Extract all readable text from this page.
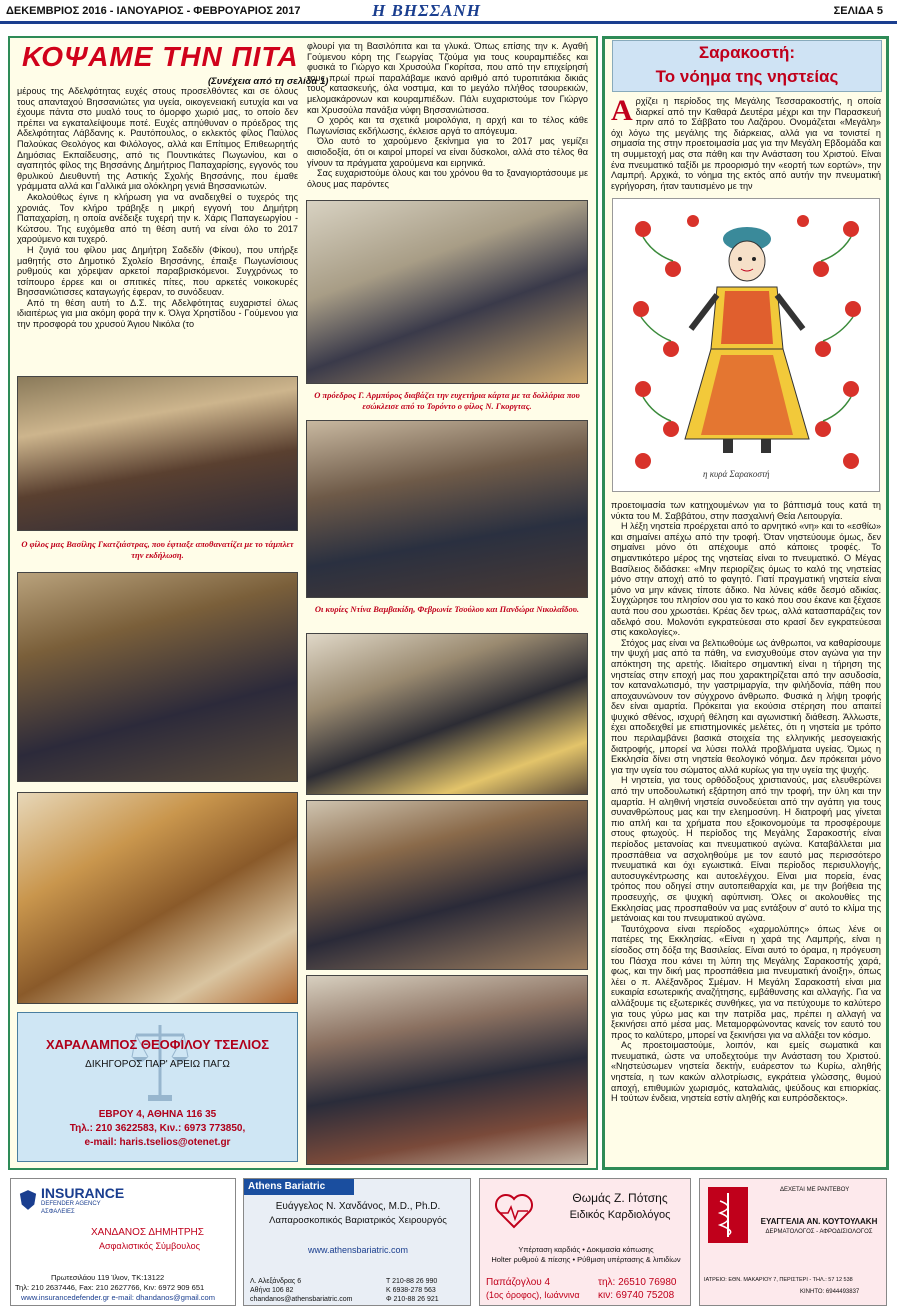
ΔΕΚΕΜΒΡΙΟΣ 2016 - ΙΑΝΟΥΑΡΙΟΣ - ΦΕΒΡΟΥΑΡΙΟΣ 2017	Η ΒΗΣΣΑΝΗ	ΣΕΛΙΔΑ 5
ΚΟΨΑΜΕ ΤΗΝ ΠΙΤΑ
(Συνέχεια από τη σελίδα 1)

μέρους της Αδελφότητας ευχές στους προσελθόντες και σε όλους τους απανταχού Βησσανιώτες για υγεία, οικογενειακή ευτυχία και να έχουμε πάντα στο μυαλό τους το όμορφο χωριό μας, το οποίο δεν πρέπει να εγκαταλείψουμε ποτέ. Ευχές απηύθυναν ο πρόεδρος της Αδελφότητας Λάβδανης κ. Ραυτόπουλος, ο εκλεκτός φίλος Παύλος Παλούκας Θεολόγος και Φιλόλογος, αλλά και Επίτιμος Επιθεωρητής Δημόσιας Εκπαίδευσης, από τις Πουντικάτες Πωγωνίου, και ο αγαπητός φίλος της Βησσάνης Δημήτριος Παπαχαρίσης, εγγονός του θρυλικού Διευθυντή της Αστικής Σχολής Βησσάνης, που έμαθε γράμματα αλλά και Γαλλικά μια ολόκληρη γενιά Βησσανιωτών.

Ακολούθως έγινε η κλήρωση για να αναδειχθεί ο τυχερός της χρονιάς. Τον κλήρο τράβηξε η μικρή εγγονή του Δημήτρη Παπαχαρίση, η οποία ανέδειξε τυχερή την κ. Χάρις Παπαγεωργίου - Κώτσου. Της ευχόμεθα από τη θέση αυτή να είναι όλο το 2017 χαρούμενο και τυχερό.

Η ζυγιά του φίλου μας Δημήτρη Σαδεδίν (Φίκου), που υπήρξε μαθητής στο Δημοτικό Σχολείο Βησσάνης, έπαιξε Πωγωνίσιους ρυθμούς και χόρεψαν αρκετοί παραβρισκόμενοι. Συγχρόνως το τσίπουρο έρρεε και οι σπιτικές πίτες, που αρκετές νοικοκυρές Βησσανιώτισσες καταγωγής έφεραν, το συνόδευαν.

Από τη θέση αυτή το Δ.Σ. της Αδελφότητας ευχαριστεί όλως ιδιαιτέρως για μια ακόμη φορά την κ. Όλγα Χρηστίδου - Γούμενου για την προσφορά του χρυσού Άγιου Νικόλα (το

φλουρί για τη Βασιλόπιτα και τα γλυκά. Όπως επίσης την κ. Αγαθή Γούμενου κόρη της Γεωργίας Τζούμα για τους κουραμπιέδες και φυσικά το Γιώργο και Χρυσούλα Γκορίτσα, που από την επιχείρησή τους πρωί πρωί παραλάβαμε ικανό αριθμό από τυροπιτάκια δικιάς τους κατασκευής, όλα νοστιμα, και το μεγάλο πλήθος τσουρεκιών, μελομακάρονων και κουραμπιέδων. Πάλι ευχαριστούμε τον Γιώργο και Χρυσούλα πανάξια νύφη Βησσανιώτισσα.

Ο χορός και τα σχετικά μοιρολόγια, η αρχή και το τέλος κάθε Πωγωνίσιας εκδήλωσης, έκλεισε αργά το απόγευμα.

Όλο αυτό το χαρούμενο ξεκίνημα για το 2017 μας γεμίζει αισιοδοξία, ότι οι καιροί μπορεί να είναι δύσκολοι, αλλά στο τέλος θα γίνουν τα πράγματα χαρούμενα και ειρηνικά.

Σας ευχαριστούμε όλους και του χρόνου θα το ξαναγιορτάσουμε με όλους μας παρόντες

Ο φίλος μας Βασίλης Γκατζιάστρας, που έφτιαξε αποθανατίζει με το τάμπλετ την εκδήλωση.
ΧΑΡΑΛΑΜΠΟΣ ΘΕΟΦΙΛΟΥ ΤΣΕΛΙΟΣ
ΔΙΚΗΓΟΡΟΣ ΠΑΡ' ΑΡΕΙΩ ΠΑΓΩ
ΕΒΡΟΥ 4, ΑΘΗΝΑ 116 35
Τηλ.: 210 3622583, Κιν.: 6973 773850,
e-mail: haris.tselios@otenet.gr
Ο πρόεδρος Γ. Αρμπύρος διαβάζει την ευχετήρια κάρτα με τα δολλάρια που εσώκλεισε από το Τορόντο ο φίλος Ν. Γκοργτας.
Οι κυρίες Ντίνα Βαμβακίδη, Φεβρωνίε Τσούλου και Πανδώρα Νικολαΐδου.
Σαρακοστή:
Το νόημα της νηστείας
Αρχίζει η περίοδος της Μεγάλης Τεσσαρακοστής, η οποία διαρκεί από την Καθαρά Δευτέρα μέχρι και την Παρασκευή πριν από το Σάββατο του Λαζάρου. Ονομάζεται «Μεγάλη» όχι λόγω της μεγάλης της διάρκειας, αλλά για να τονιστεί η σημασία της στην προετοιμασία μας για την Μεγάλη Εβδομάδα και τη συμμετοχή μας στα πάθη και την Ανάσταση του Χριστού. Είναι ένα πνευματικό ταξίδι με προορισμό την «εορτή των εορτών», την Λαμπρή. Αρχικά, το νόημα της εκτός από αυτήν την πνευματική εγρήγορση, ήταν ταυτισμένο με την
η κυρά Σαρακοστή

προετοιμασία των κατηχουμένων για το βάπτισμά τους κατά τη νύκτα του Μ. Σαββάτου, στην πασχαλινή Θεία Λειτουργία.

Η λέξη νηστεία προέρχεται από το αρνητικό «νη» και το «εσθίω» και σημαίνει απέχω από την τροφή. Όταν νηστεύουμε όμως, δεν σημαίνει μόνο ότι απέχουμε από κάποιες τροφές. Το σημαντικότερο μέρος της νηστείας είναι το πνευματικό. Ο Μέγας Βασίλειος διδάσκει: «Μην περιορίζεις όμως το καλό της νηστείας μόνο στην αποχή από το φαγητό. Γιατί πραγματική νηστεία είναι μόνο να μην κάνεις τίποτε άδικο. Να λύνεις κάθε δεσμό αδικίας. Συγχώρησε του πλησίον σου για το κακό που σου έκανε και ξέχασε αυτά που σου χρωστάει. Κρέας δεν τρως, αλλά κατασπαράζεις τον αδελφό σου. Μολονότι εγκρατεύεσαι στο κρασί δεν εγκρατεύεσαι στις κακολογίες».

Στόχος μας είναι να βελτιωθούμε ως άνθρωποι, να καθαρίσουμε την ψυχή μας από τα πάθη, να ενισχυθούμε στον αγώνα για την απόκτηση της αρετής. Ιδιαίτερο σημαντική είναι η τήρηση της νηστείας στην εποχή μας που χαρακτηρίζεται από την ασυδοσία, τον καταναλωτισμό, την γαστριμαργία, την φιλήδονία, πάθη που αποχαυνώνουν τον σύγχρονο άνθρωπο. Φυσικά η λήψη τροφής δεν είναι αμαρτία. Πρόκειται για εκούσια στέρηση που απαιτεί ψυχικό σθένος, ισχυρή θέληση και αγωνιστική διάθεση. Άλλωστε, έχει αποδειχθεί με επιστημονικές μελέτες, ότι η νηστεία με τρόπο που περιλαμβάνει βασικά στοιχεία της ελληνικής μεσογειακής διατροφής, μπορεί να λύσει πολλά προβλήματα υγείας. Όμως η Εκκλησία δίνει στη νηστεία θεολογικό νόημα. Δεν πρόκειται μόνο για την υγεία του σώματος αλλά κυρίως για την υγεία της ψυχής.

Η νηστεία, για τους ορθόδοξους χριστιανούς, μας ελευθερώνει από την υποδουλωτική εξάρτηση από την τροφή, την ύλη και την αμαρτία. Η αληθινή νηστεία συνοδεύεται από την αγάπη για τους συνανθρώπους μας και την ελεημοσύνη. Η διατροφή μας γίνεται πιο απλή και τα χρήματα που εξοικονομούμε τα προσφέρουμε στους φτωχούς. Η περίοδος της Μεγάλης Σαρακοστής είναι περίοδος μετανοίας και πνευματικού αγώνα. Καταβάλλεται μια προσπάθεια να ασχοληθούμε με τον εαυτό μας περισσότερο πνευματικά και όχι εγωιστικά. Είναι περίοδος περισυλλογής, αυτοσυγκέντρωσης και αυτοελέγχου. Είναι μια πορεία, ένας τρόπος που οδηγεί στην αυτοπειθαρχία και, με την βοήθεια της προσευχής, σε ψυχική αφύπνιση. Όλες οι ακολουθίες της Εκκλησίας μας προσπαθούν να μας εντάξουν σ' αυτό το κλίμα της μετάνοιας και του πνευματικού αγώνα.

Ταυτόχρονα είναι περίοδος «χαρμολύπης» όπως λένε οι πατέρες της Εκκλησίας. «Είναι η χαρά της Λαμπρής, είναι η είσοδος στη δόξα της Βασιλείας. Είναι αυτό το όραμα, η πρόγευση του Πάσχα που κάνει τη λύπη της Μεγάλης Σαρακοστής χαρά, φως, και την δική μας προσπάθεια μια πνευματική άνοιξη», όπως λέει ο π. Αλέξανδρος Σμέμαν. Η Μεγάλη Σαρακοστή είναι μια ευκαιρία εσωτερικής αναζήτησης, εμβάθυνσης και αλλαγής. Για να αλλάξουμε τις εξωτερικές συνθήκες, για να πετύχουμε το καλύτερο για τους γύρω μας και την πατρίδα μας, πρέπει η αλλαγή να ξεκινήσει από μέσα μας. Μεταμορφώνοντας κανείς τον εαυτό του προς το καλύτερο, μπορεί να ξεκινήσει για να αλλάξει τον κόσμο.

Ας προετοιμαστούμε, λοιπόν, και εμείς σωματικά και πνευματικά, ώστε να υποδεχτούμε την Ανάσταση του Χριστού. «Νηστεύσωμεν νηστεία δεκτήν, ευάρεστον τω Κυρίω, αληθής νηστεία, η των κακών αλλοτρίωσις, εγκράτεια γλώσσης, θυμού αποχή, επιθυμιών χωρισμός, καταλαλιάς, ψεύδους και επιορκίας. Η τούτων ένδεια, νηστεία εστίν αληθής και ευπρόσδεκτος».

INSURANCE
DEFENDER AGENCY
ΑΣΦΑΛΕΙΕΣ
ΧΑΝΔΑΝΟΣ ΔΗΜΗΤΡΗΣ
Ασφαλιστικός Σύμβουλος
Πρωτεσιλάου 119 Ίλιον, ΤΚ:13122
Τηλ: 210 2637446, Fax: 210 2627766, Κιν: 6972 909 651
www.insurancedefender.gr e-mail: dhandanos@gmail.com
Athens Bariatric
Ευάγγελος Ν. Χανδάνος, M.D., Ph.D.
Λαπαροσκοπικός Βαριατρικός Χειρουργός
www.athensbariatric.com
Λ. Αλεξάνδρας 6
Αθήνα 106 82
chandanos@athensbariatric.com
Τ 210-88 26 990
Κ 6938-278 563
Φ 210-88 26 921
Θωμάς Ζ. Πότσης
Ειδικός Καρδιολόγος
Υπέρταση καρδιάς • Δοκιμασία κόπωσης
Holter ρυθμού & πίεσης • Ρύθμιση υπέρτασης & λιπιδίων
Παπάζογλου 4
(1ος όροφος), Ιωάννινα
τηλ: 26510 76980
κιν: 69740 75208
ΔΕΧΕΤΑΙ ΜΕ ΡΑΝΤΕΒΟΥ
ΕΥΑΓΓΕΛΙΑ ΑΝ. ΚΟΥΤΟΥΛΑΚΗ
ΔΕΡΜΑΤΟΛΟΓΟΣ - ΑΦΡΟΔΙΣΙΟΛΟΓΟΣ
ΙΑΤΡΕΙΟ: ΕΘΝ. ΜΑΚΑΡΙΟΥ 7, ΠΕΡΙΣΤΕΡΙ - ΤΗΛ.: 57 12 538
ΚΙΝΗΤΟ: 6944493837
